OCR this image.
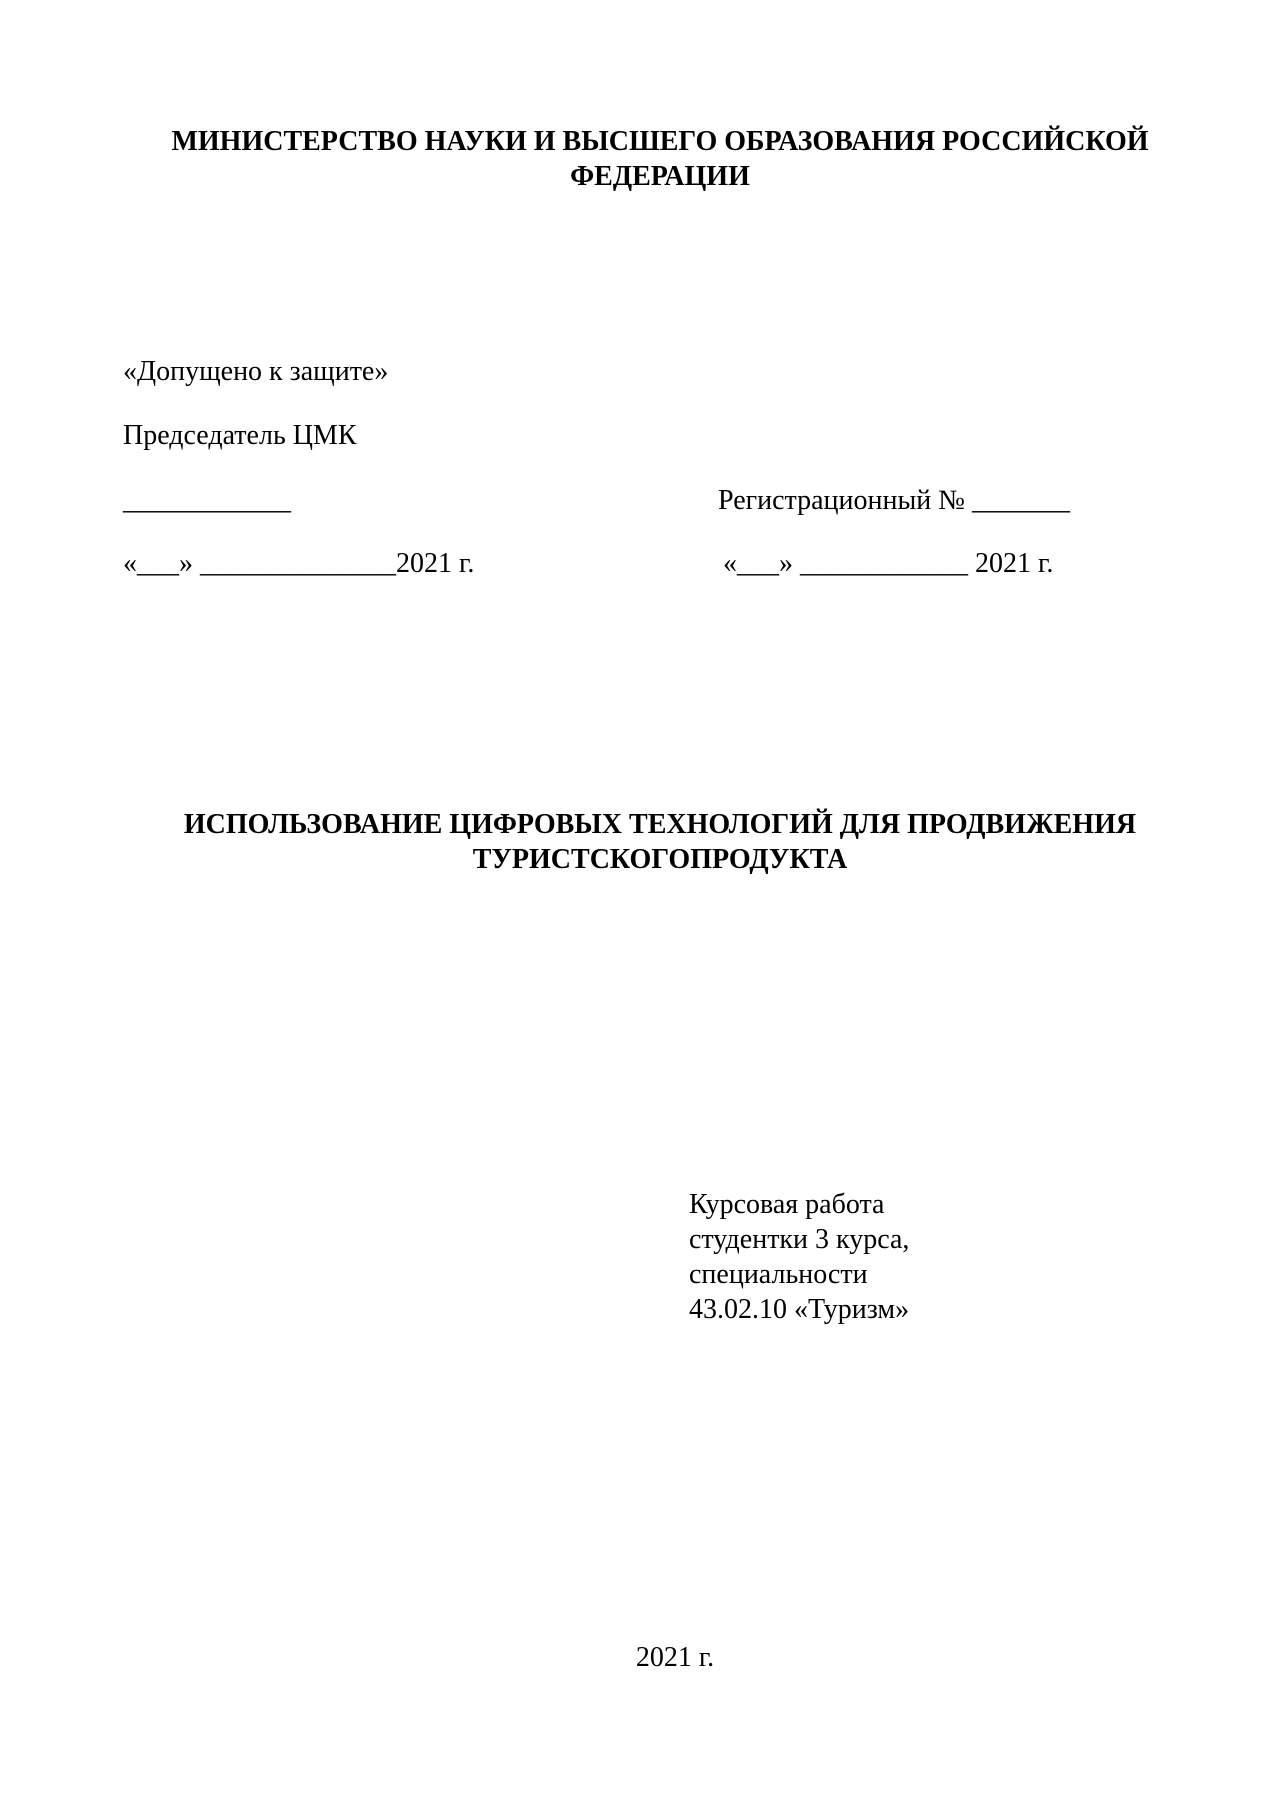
МИНИСТЕРСТВО НАУКИ И ВЫСШЕГО ОБРАЗОВАНИЯ РОССИЙСКОЙ
ФЕДЕРАЦИИ
«Допущено к защите»
Председатель ЦМК
____________
«___» ______________2021 г.
Регистрационный № _______
«___» ____________ 2021 г.
ИСПОЛЬЗОВАНИЕ ЦИФРОВЫХ ТЕХНОЛОГИЙ ДЛЯ ПРОДВИЖЕНИЯ
ТУРИСТСКОГОПРОДУКТА
Курсовая работа
студентки 3 курса,
специальности
43.02.10 «Туризм»
2021 г.
